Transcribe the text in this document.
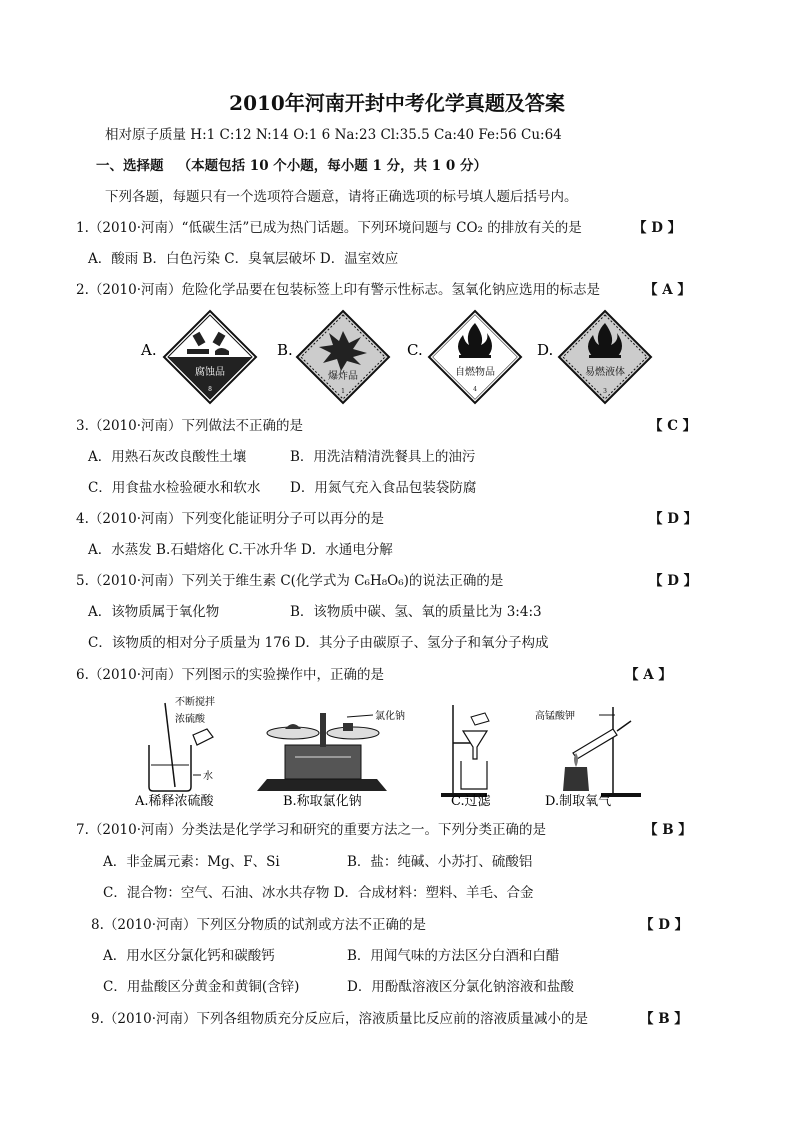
2010年河南开封中考化学真题及答案
相对原子质量 H:1 C:12 N:14 O:1 6 Na:23 Cl:35.5 Ca:40 Fe:56 Cu:64
一、选择题 （本题包括 10 个小题，每小题 1 分，共 1 0 分）
下列各题，每题只有一个选项符合题意，请将正确选项的标号填人题后括号内。
1.（2010·河南）“低碳生活”已成为热门话题。下列环境问题与 CO₂ 的排放有关的是	【 D 】
A．酸雨 B．白色污染 C．臭氧层破坏 D．温室效应
2.（2010·河南）危险化学品要在包装标签上印有警示性标志。氢氧化钠应选用的标志是	【 A 】
A.
腐蚀品
8
B.
爆炸品
1
C.
自燃物品
4
D.
易燃液体
3
3.（2010·河南）下列做法不正确的是	【 C 】
A．用熟石灰改良酸性土壤	B．用洗洁精清洗餐具上的油污
C．用食盐水检验硬水和软水 D．用氮气充入食品包装袋防腐
4.（2010·河南）下列变化能证明分子可以再分的是	【 D 】
A．水蒸发 B.石蜡熔化 C.干冰升华 D．水通电分解
5.（2010·河南）下列关于维生素 C(化学式为 C₆H₈O₆)的说法正确的是	【 D 】
A．该物质属于氧化物	B．该物质中碳、氢、氧的质量比为 3:4:3
C．该物质的相对分子质量为 176 D．其分子由碳原子、氢分子和氧分子构成
6.（2010·河南）下列图示的实验操作中，正确的是	【 A 】
不断搅拌
浓硫酸
水
A.稀释浓硫酸
氯化钠
B.称取氯化钠	C.过滤
高锰酸钾
D.制取氧气
7.（2010·河南）分类法是化学学习和研究的重要方法之一。下列分类正确的是	【 B 】
A．非金属元素：Mg、F、Si	B．盐：纯碱、小苏打、硫酸铝
C．混合物：空气、石油、冰水共存物 D．合成材料：塑料、羊毛、合金
8.（2010·河南）下列区分物质的试剂或方法不正确的是	【 D 】
A．用水区分氯化钙和碳酸钙	B．用闻气味的方法区分白酒和白醋
C．用盐酸区分黄金和黄铜(含锌)	D．用酚酞溶液区分氯化钠溶液和盐酸
9.（2010·河南）下列各组物质充分反应后，溶液质量比反应前的溶液质量减小的是	【 B 】
